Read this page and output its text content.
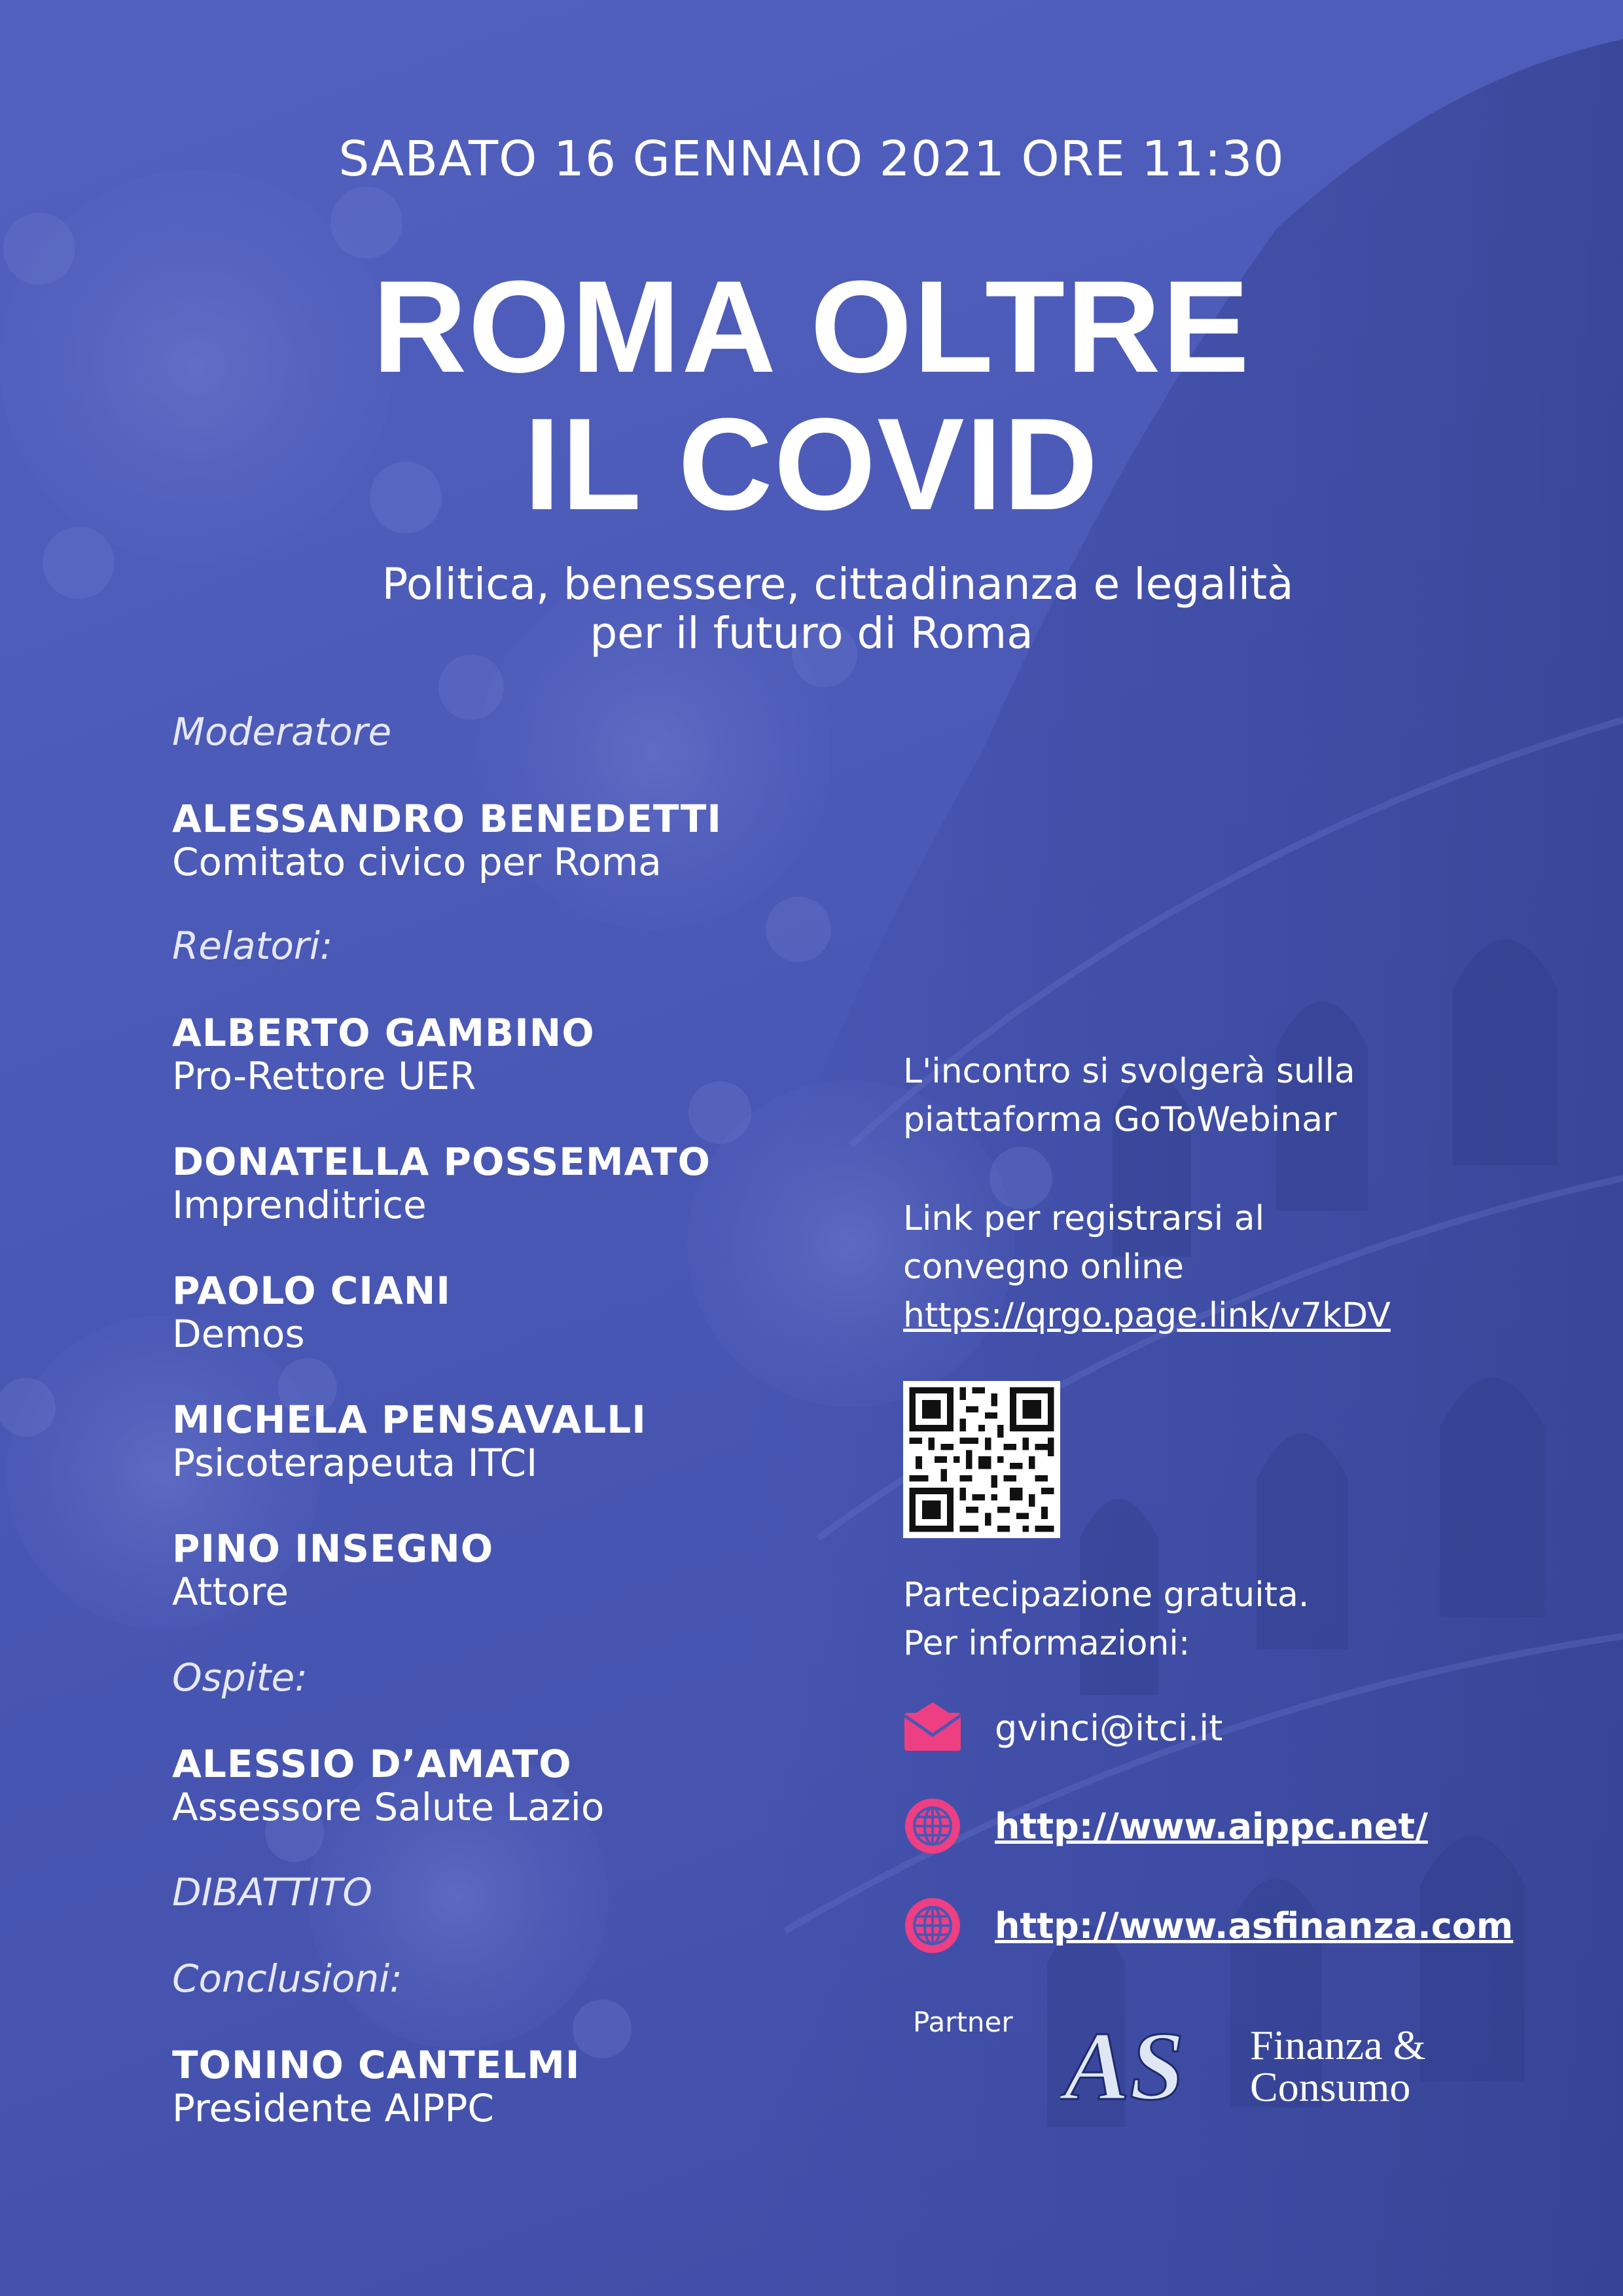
SABATO 16 GENNAIO 2021 ORE 11:30
ROMA OLTRE
IL COVID
Politica, benessere, cittadinanza e legalità
per il futuro di Roma
Moderatore
ALESSANDRO BENEDETTI
Comitato civico per Roma
Relatori:
ALBERTO GAMBINO
Pro-Rettore UER
DONATELLA POSSEMATO
Imprenditrice
PAOLO CIANI
Demos
MICHELA PENSAVALLI
Psicoterapeuta ITCI
PINO INSEGNO
Attore
Ospite:
ALESSIO D’AMATO
Assessore Salute Lazio
DIBATTITO
Conclusioni:
TONINO CANTELMI
Presidente AIPPC
L'incontro si svolgerà sulla
piattaforma GoToWebinar
Link per registrarsi al
convegno online
https://qrgo.page.link/v7kDV
Partecipazione gratuita.
Per informazioni:
gvinci@itci.it
http://www.aippc.net/
http://www.asfinanza.com
Partner AS Finanza &
Consumo
